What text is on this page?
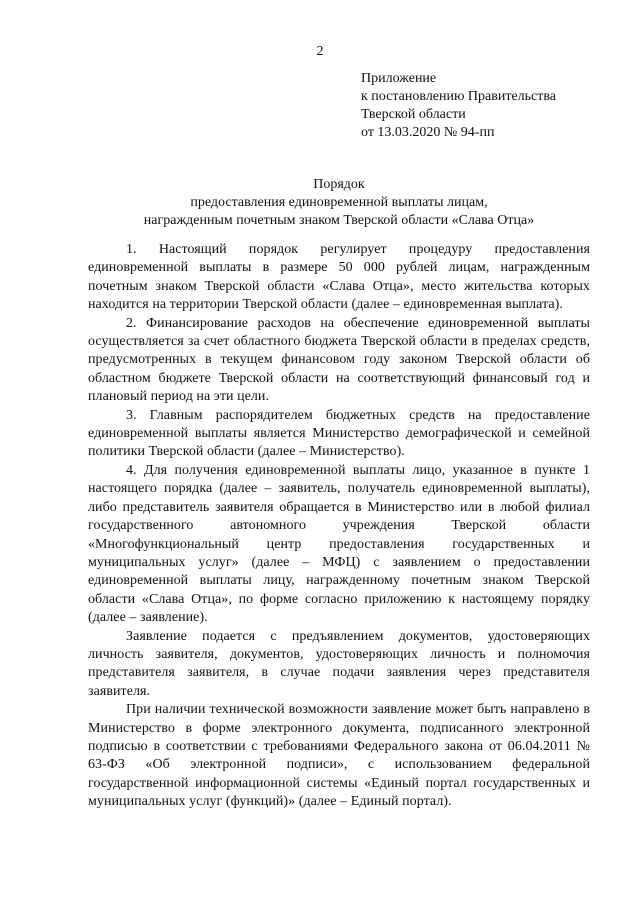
2
Приложение
к постановлению Правительства
Тверской области
от 13.03.2020 № 94-пп
Порядок
предоставления единовременной выплаты лицам,
награжденным почетным знаком Тверской области «Слава Отца»

1. Настоящий порядок регулирует процедуру предоставления единовременной выплаты в размере 50 000 рублей лицам, награжденным почетным знаком Тверской области «Слава Отца», место жительства которых находится на территории Тверской области (далее – единовременная выплата).

2. Финансирование расходов на обеспечение единовременной выплаты осуществляется за счет областного бюджета Тверской области в пределах средств, предусмотренных в текущем финансовом году законом Тверской области об областном бюджете Тверской области на соответствующий финансовый год и плановый период на эти цели.

3. Главным распорядителем бюджетных средств на предоставление единовременной выплаты является Министерство демографической и семейной политики Тверской области (далее – Министерство).

4. Для получения единовременной выплаты лицо, указанное в пункте 1 настоящего порядка (далее – заявитель, получатель единовременной выплаты), либо представитель заявителя обращается в Министерство или в любой филиал государственного автономного учреждения Тверской области «Многофункциональный центр предоставления государственных и муниципальных услуг» (далее – МФЦ) с заявлением о предоставлении единовременной выплаты лицу, награжденному почетным знаком Тверской области «Слава Отца», по форме согласно приложению к настоящему порядку (далее – заявление).

Заявление подается с предъявлением документов, удостоверяющих личность заявителя, документов, удостоверяющих личность и полномочия представителя заявителя, в случае подачи заявления через представителя заявителя.

При наличии технической возможности заявление может быть направлено в Министерство в форме электронного документа, подписанного электронной подписью в соответствии с требованиями Федерального закона от 06.04.2011 № 63-ФЗ «Об электронной подписи», с использованием федеральной государственной информационной системы «Единый портал государственных и муниципальных услуг (функций)» (далее – Единый портал).
